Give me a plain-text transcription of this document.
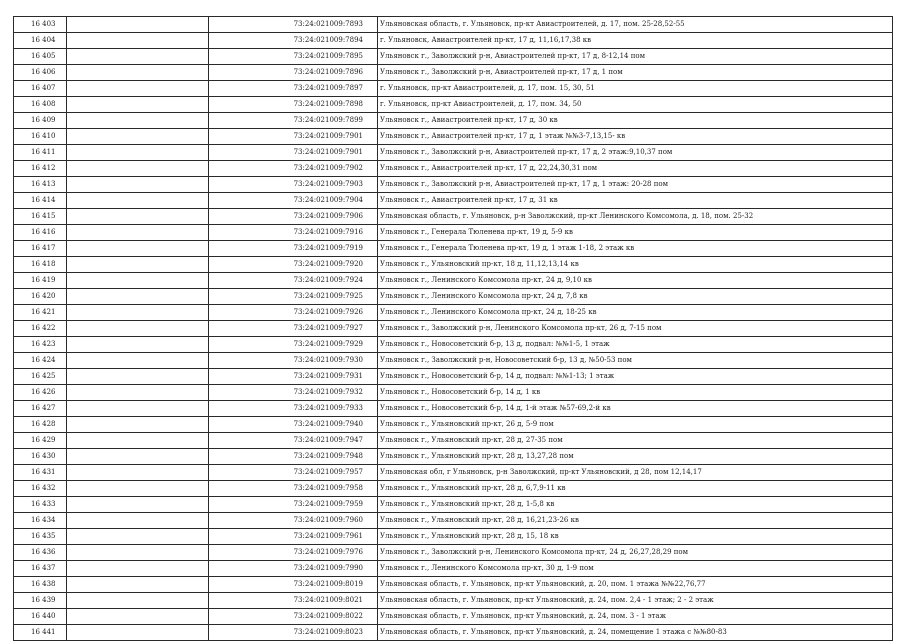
16 403		73:24:021009:7893	Ульяновская область, г. Ульяновск, пр-кт Авиастроителей, д. 17, пом. 25-28,52-55
16 404		73:24:021009:7894	г. Ульяновск, Авиастроителей пр-кт, 17 д, 11,16,17,38 кв
16 405		73:24:021009:7895	Ульяновск г., Заволжский р-н, Авиастроителей пр-кт, 17 д, 8-12,14 пом
16 406		73:24:021009:7896	Ульяновск г., Заволжский р-н, Авиастроителей пр-кт, 17 д, 1 пом
16 407		73:24:021009:7897	г. Ульяновск, пр-кт Авиастроителей, д. 17, пом. 15, 30, 51
16 408		73:24:021009:7898	г. Ульяновск, пр-кт Авиастроителей, д. 17, пом. 34, 50
16 409		73:24:021009:7899	Ульяновск г., Авиастроителей пр-кт, 17 д, 30 кв
16 410		73:24:021009:7901	Ульяновск г., Авиастроителей пр-кт, 17 д, 1 этаж №№3-7,13,15- кв
16 411		73:24:021009:7901	Ульяновск г., Заволжский р-н, Авиастроителей пр-кт, 17 д, 2 этаж:9,10,37 пом
16 412		73:24:021009:7902	Ульяновск г., Авиастроителей пр-кт, 17 д, 22,24,30,31 пом
16 413		73:24:021009:7903	Ульяновск г., Заволжский р-н, Авиастроителей пр-кт, 17 д, 1 этаж: 20-28 пом
16 414		73:24:021009:7904	Ульяновск г., Авиастроителей пр-кт, 17 д, 31 кв
16 415		73:24:021009:7906	Ульяновская область, г. Ульяновск, р-н Заволжский, пр-кт Ленинского Комсомола, д. 18, пом. 25-32
16 416		73:24:021009:7916	Ульяновск г., Генерала Тюленева пр-кт, 19 д, 5-9 кв
16 417		73:24:021009:7919	Ульяновск г., Генерала Тюленева пр-кт, 19 д, 1 этаж 1-18, 2 этаж кв
16 418		73:24:021009:7920	Ульяновск г., Ульяновский пр-кт, 18 д, 11,12,13,14 кв
16 419		73:24:021009:7924	Ульяновск г., Ленинского Комсомола пр-кт, 24 д, 9,10 кв
16 420		73:24:021009:7925	Ульяновск г., Ленинского Комсомола пр-кт, 24 д, 7,8 кв
16 421		73:24:021009:7926	Ульяновск г., Ленинского Комсомола пр-кт, 24 д, 18-25 кв
16 422		73:24:021009:7927	Ульяновск г., Заволжский р-н, Ленинского Комсомола пр-кт, 26 д, 7-15 пом
16 423		73:24:021009:7929	Ульяновск г., Новосоветский б-р, 13 д, подвал: №№1-5, 1 этаж
16 424		73:24:021009:7930	Ульяновск г., Заволжский р-н, Новосоветский б-р, 13 д, №50-53 пом
16 425		73:24:021009:7931	Ульяновск г., Новосоветский б-р, 14 д, подвал: №№1-13; 1 этаж
16 426		73:24:021009:7932	Ульяновск г., Новосоветский б-р, 14 д, 1 кв
16 427		73:24:021009:7933	Ульяновск г., Новосоветский б-р, 14 д, 1-й этаж №57-69,2-й кв
16 428		73:24:021009:7940	Ульяновск г., Ульяновский пр-кт, 26 д, 5-9 пом
16 429		73:24:021009:7947	Ульяновск г., Ульяновский пр-кт, 28 д, 27-35 пом
16 430		73:24:021009:7948	Ульяновск г., Ульяновский пр-кт, 28 д, 13,27,28 пом
16 431		73:24:021009:7957	Ульяновская обл, г Ульяновск, р-н Заволжский, пр-кт Ульяновский, д 28, пом 12,14,17
16 432		73:24:021009:7958	Ульяновск г., Ульяновский пр-кт, 28 д, 6,7,9-11 кв
16 433		73:24:021009:7959	Ульяновск г., Ульяновский пр-кт, 28 д, 1-5,8 кв
16 434		73:24:021009:7960	Ульяновск г., Ульяновский пр-кт, 28 д, 16,21,23-26 кв
16 435		73:24:021009:7961	Ульяновск г., Ульяновский пр-кт, 28 д, 15, 18 кв
16 436		73:24:021009:7976	Ульяновск г., Заволжский р-н, Ленинского Комсомола пр-кт, 24 д, 26,27,28,29 пом
16 437		73:24:021009:7990	Ульяновск г., Ленинского Комсомола пр-кт, 30 д, 1-9 пом
16 438		73:24:021009:8019	Ульяновская область, г. Ульяновск, пр-кт Ульяновский, д. 20, пом. 1 этажа №№22,76,77
16 439		73:24:021009:8021	Ульяновская область, г. Ульяновск, пр-кт Ульяновский, д. 24, пом. 2,4 - 1 этаж; 2 - 2 этаж
16 440		73:24:021009:8022	Ульяновская область, г. Ульяновск, пр-кт Ульяновский, д. 24, пом. 3 - 1 этаж
16 441		73:24:021009:8023	Ульяновская область, г. Ульяновск, пр-кт Ульяновский, д. 24, помещение 1 этажа с №№80-83
